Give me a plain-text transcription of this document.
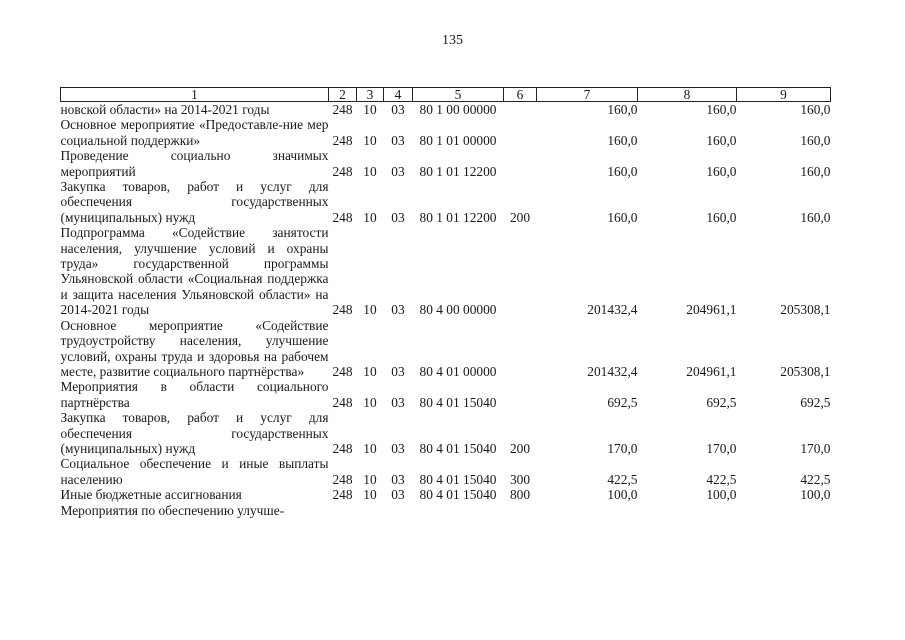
135
1	2	3	4	5	6	7	8	9
новской области» на 2014-2021 годы	248	10	03	80 1 00 00000		160,0	160,0	160,0
Основное мероприятие «Предоставле-ние мер социальной поддержки»	248	10	03	80 1 01 00000		160,0	160,0	160,0
Проведение социально значимых мероприятий	248	10	03	80 1 01 12200		160,0	160,0	160,0
Закупка товаров, работ и услуг для обеспечения государственных (муниципальных) нужд	248	10	03	80 1 01 12200	200	160,0	160,0	160,0
Подпрограмма «Содействие занятости населения, улучшение условий и охраны труда» государственной программы Ульяновской области «Социальная поддержка и защита населения Ульяновской области» на 2014-2021 годы	248	10	03	80 4 00 00000		201432,4	204961,1	205308,1
Основное мероприятие «Содействие трудоустройству населения, улучшение условий, охраны труда и здоровья на рабочем месте, развитие социального партнёрства»	248	10	03	80 4 01 00000		201432,4	204961,1	205308,1
Мероприятия в области социального партнёрства	248	10	03	80 4 01 15040		692,5	692,5	692,5
Закупка товаров, работ и услуг для обеспечения государственных (муниципальных) нужд	248	10	03	80 4 01 15040	200	170,0	170,0	170,0
Социальное обеспечение и иные выплаты населению	248	10	03	80 4 01 15040	300	422,5	422,5	422,5
Иные бюджетные ассигнования	248	10	03	80 4 01 15040	800	100,0	100,0	100,0
Мероприятия по обеспечению улучше-								
